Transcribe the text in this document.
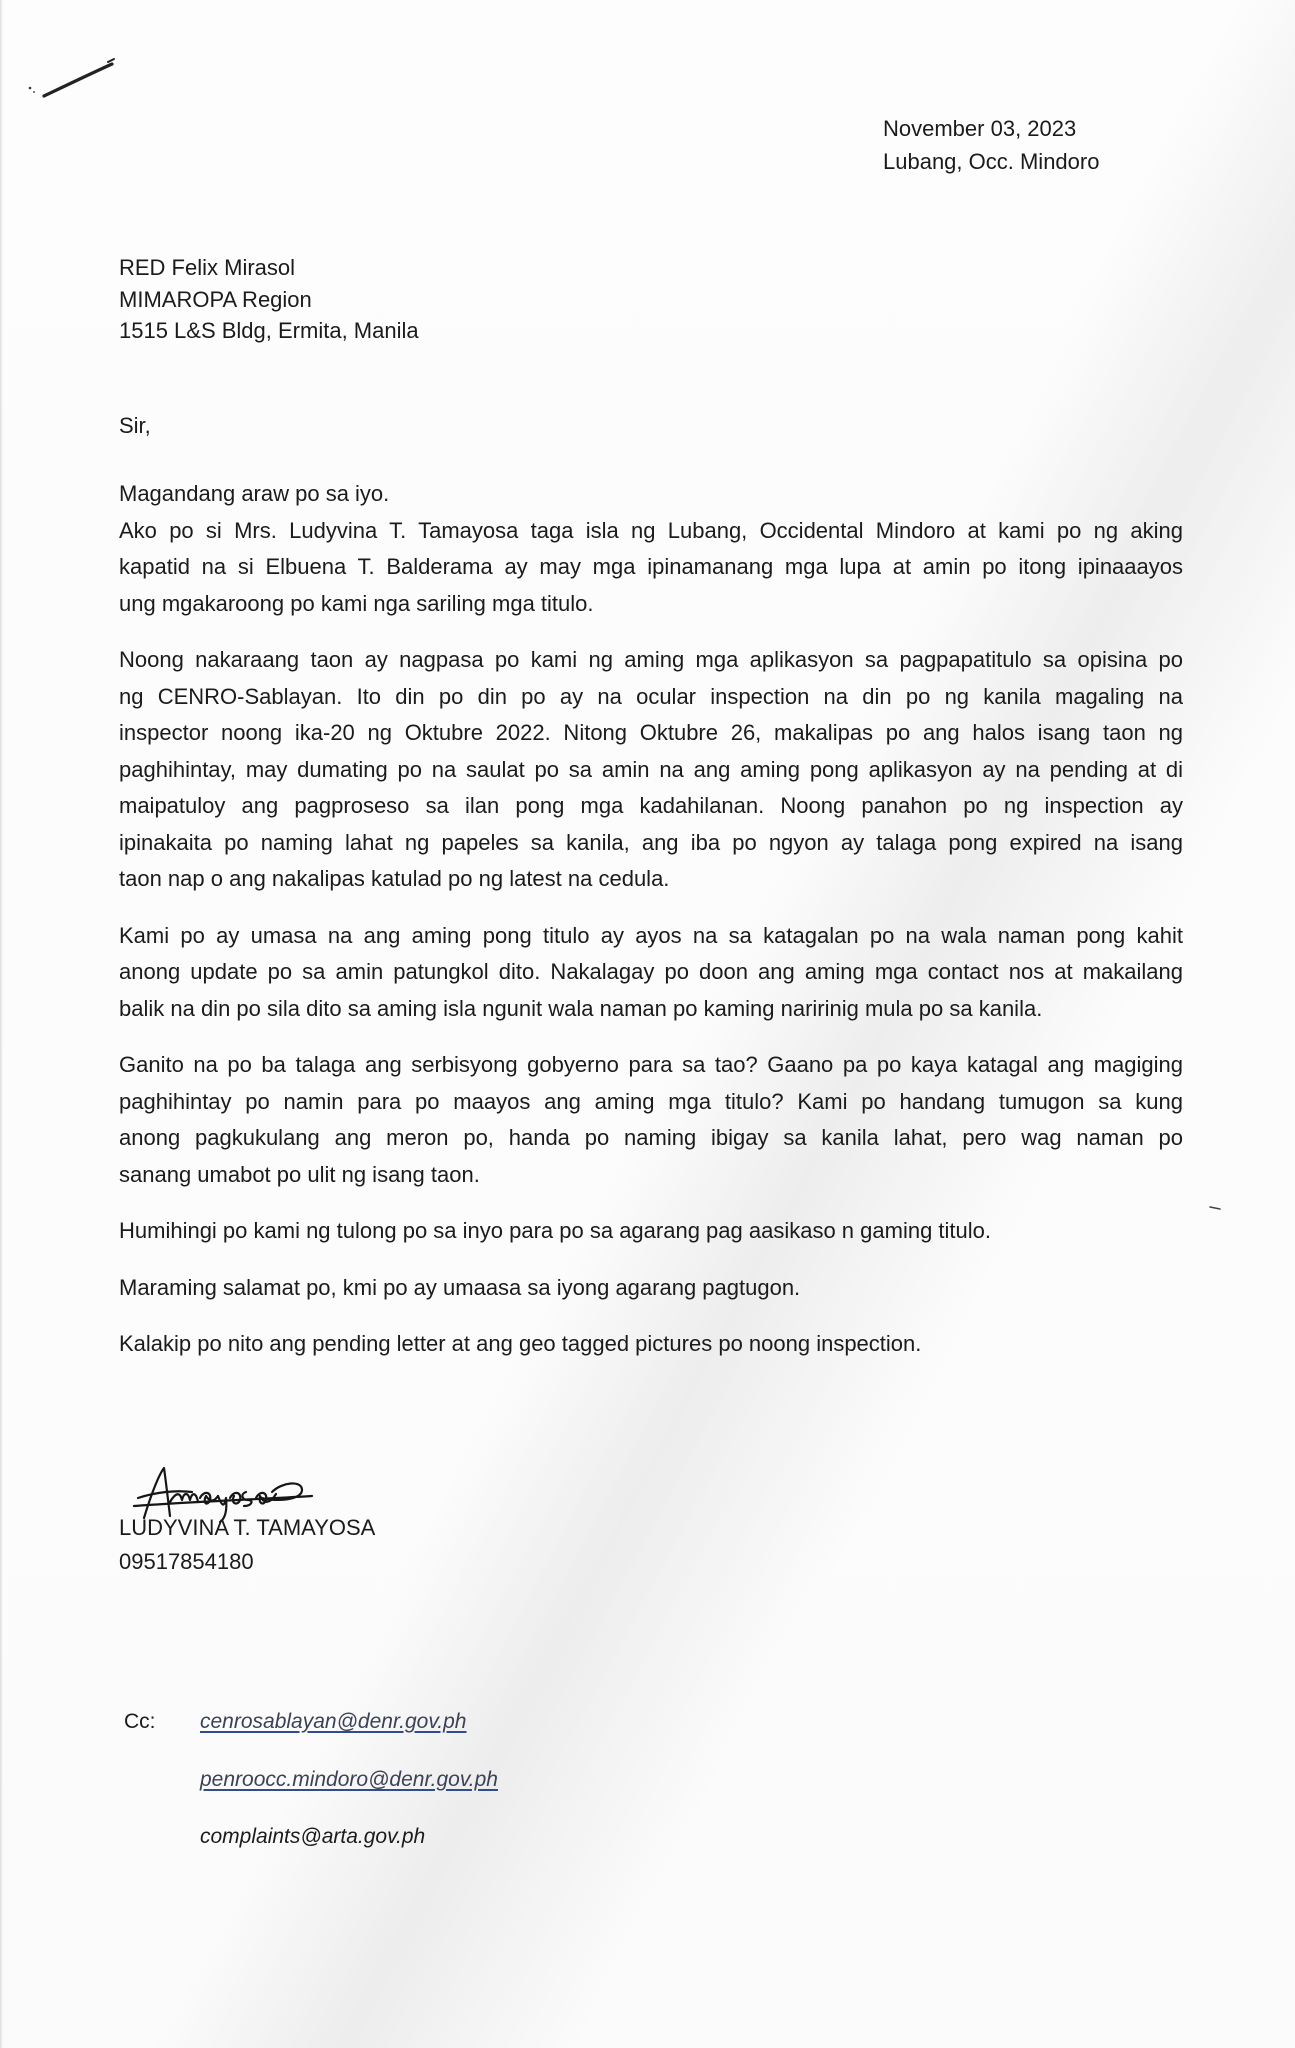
November 03, 2023
Lubang, Occ. Mindoro
RED Felix Mirasol
MIMAROPA Region
1515 L&S Bldg, Ermita, Manila
Sir,
Magandang araw po sa iyo.
Ako po si Mrs. Ludyvina T. Tamayosa taga isla ng Lubang, Occidental Mindoro at kami po ng aking
kapatid na si Elbuena T. Balderama ay may mga ipinamanang mga lupa at amin po itong ipinaaayos
ung mgakaroong po kami nga sariling mga titulo.
Noong nakaraang taon ay nagpasa po kami ng aming mga aplikasyon sa pagpapatitulo sa opisina po
ng CENRO-Sablayan. Ito din po din po ay na ocular inspection na din po ng kanila magaling na
inspector noong ika-20 ng Oktubre 2022. Nitong Oktubre 26, makalipas po ang halos isang taon ng
paghihintay, may dumating po na saulat po sa amin na ang aming pong aplikasyon ay na pending at di
maipatuloy ang pagproseso sa ilan pong mga kadahilanan. Noong panahon po ng inspection ay
ipinakaita po naming lahat ng papeles sa kanila, ang iba po ngyon ay talaga pong expired na isang
taon nap o ang nakalipas katulad po ng latest na cedula.
Kami po ay umasa na ang aming pong titulo ay ayos na sa katagalan po na wala naman pong kahit
anong update po sa amin patungkol dito. Nakalagay po doon ang aming mga contact nos at makailang
balik na din po sila dito sa aming isla ngunit wala naman po kaming naririnig mula po sa kanila.
Ganito na po ba talaga ang serbisyong gobyerno para sa tao? Gaano pa po kaya katagal ang magiging
paghihintay po namin para po maayos ang aming mga titulo? Kami po handang tumugon sa kung
anong pagkukulang ang meron po, handa po naming ibigay sa kanila lahat, pero wag naman po
sanang umabot po ulit ng isang taon.
Humihingi po kami ng tulong po sa inyo para po sa agarang pag aasikaso n gaming titulo.
Maraming salamat po, kmi po ay umaasa sa iyong agarang pagtugon.
Kalakip po nito ang pending letter at ang geo tagged pictures po noong inspection.
LUDYVINA T. TAMAYOSA
09517854180
Cc: cenrosablayan@denr.gov.ph
penroocc.mindoro@denr.gov.ph
complaints@arta.gov.ph
